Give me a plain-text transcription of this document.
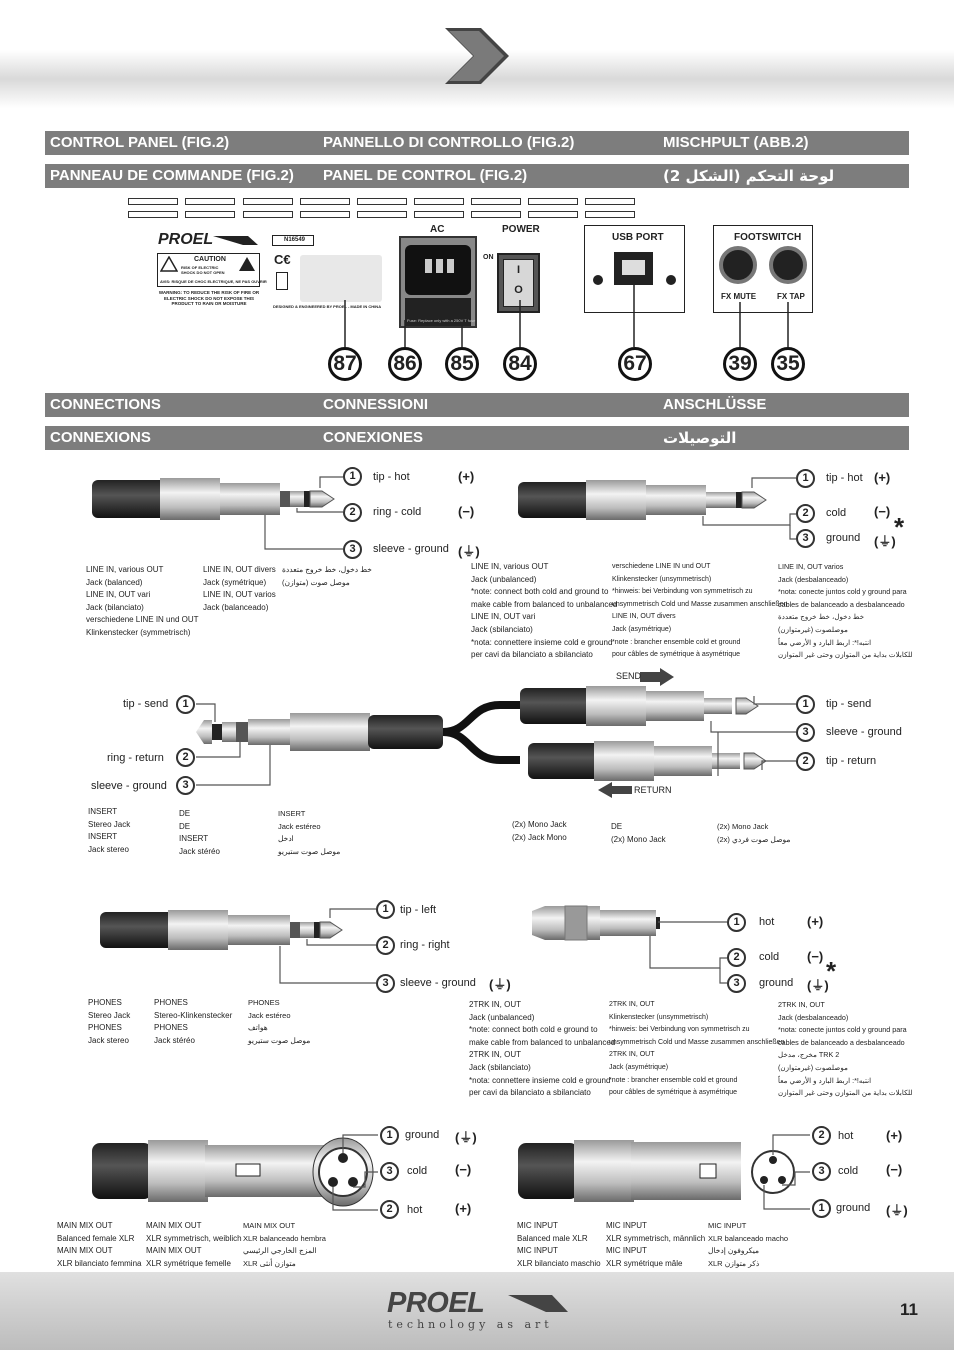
CONTROL PANEL (FIG.2)	PANNELLO DI CONTROLLO (FIG.2)	MISCHPULT (ABB.2)
PANNEAU DE COMMANDE (FIG.2) PANEL DE CONTROL (FIG.2)	لوحة التحكم (الشكل 2)
PROEL
CAUTION
RISK OF ELECTRIC SHOCK DO NOT OPEN
AVIS: RISQUE DE CHOC ELECTRIQUE, NE PAS OUVRIR
WARNING: TO REDUCE THE RISK OF FIRE OR ELECTRIC SHOCK DO NOT EXPOSE THIS PRODUCT TO RAIN OR MOISTURE
N16549
C€
DESIGNED & ENGINEERED BY PROEL - MADE IN CHINA
AC	POWER
Fuse: Replace only with a 250V T fuse
ON
I
O
USB PORT	FOOTSWITCH
FX MUTE	FX TAP
87 86 85 84	67	39 35
CONNECTIONS	CONNESSIONI	ANSCHLÜSSE
CONNEXIONS	CONEXIONES	التوصيلات
1
2
3
tip - hot
ring - cold
sleeve - ground
(+)
(−)
(⏚)
LINE IN, various OUT
Jack (balanced)
LINE IN, OUT vari
Jack (bilanciato)
verschiedene LINE IN und OUT
Klinkenstecker (symmetrisch)
LINE IN, OUT divers
Jack (symétrique)
LINE IN, OUT varios
Jack (balanceado)
خط دخول، خط خروج متعددة
(متوازن) موصل صوت
1
2
3
tip - hot
cold
ground
(+)
(−)
(⏚)
*
LINE IN, various OUT
Jack (unbalanced)
*note: connect both cold and ground to
make cable from balanced to unbalanced
LINE IN, OUT vari
Jack (sbilanciato)
*nota: connettere insieme cold e ground
per cavi da bilanciato a sbilanciato
verschiedene LINE IN und OUT
Klinkenstecker (unsymmetrisch)
*hinweis: bei Verbindung von symmetrisch zu
unsymmetrisch Cold und Masse zusammen anschließen
LINE IN, OUT divers
Jack (asymétrique)
*note : brancher ensemble cold et ground
pour câbles de symétrique à asymétrique
LINE IN, OUT varios
Jack (desbalanceado)
*nota: conecte juntos cold y ground para
cables de balanceado a desbalanceado
خط دخول، خط خروج متعددة
موصلصوت (غيرمتوازن)
انتبه!*: اربط البارد و الأرضي معاً
للكابلات بداية من المتوازن وحتى غير المتوازن
tip - send
ring - return
sleeve - ground
1
2
3
1
3
2
tip - send
sleeve - ground
tip - return
SEND
RETURN
INSERT
Stereo Jack
INSERT
Jack stereo
DE
DE
INSERT
Jack stéréo
INSERT
Jack estéreo
ادخل
موصل صوت ستيريو
(2x) Mono Jack
(2x) Jack Mono
DE
(2x) Mono Jack
(2x) Mono Jack
(2x) موصل صوت فردي
1
2
3
tip - left
ring - right
sleeve - ground (⏚)
PHONES
Stereo Jack
PHONES
Jack stereo
PHONES
Stereo-Klinkenstecker
PHONES
Jack stéréo
PHONES
Jack estéreo
هواتف
موصل صوت ستيريو
1
2
3
hot
cold
ground
(+)
(−)
(⏚)
*
2TRK IN, OUT
Jack (unbalanced)
*note: connect both cold e ground to
make cable from balanced to unbalanced
2TRK IN, OUT
Jack (sbilanciato)
*nota: connettere insieme cold e ground
per cavi da bilanciato a sbilanciato
2TRK IN, OUT
Klinkenstecker (unsymmetrisch)
*hinweis: bei Verbindung von symmetrisch zu
unsymmetrisch Cold und Masse zusammen anschließen
2TRK IN, OUT
Jack (asymétrique)
*note : brancher ensemble cold et ground
pour câbles de symétrique à asymétrique
2TRK IN, OUT
Jack (desbalanceado)
*nota: conecte juntos cold y ground para
cables de balanceado a desbalanceado
مخرج، مدخل TRK 2
موصلصوت (غيرمتوازن)
انتبه!*: اربط البارد و الأرضي معاً
للكابلات بداية من المتوازن وحتى غير المتوازن
1
3
2
ground
cold
hot
(⏚)
(−)
(+)
MAIN MIX OUT
Balanced female XLR
MAIN MIX OUT
XLR bilanciato femmina
MAIN MIX OUT
XLR symmetrisch, weiblich
MAIN MIX OUT
XLR symétrique femelle
MAIN MIX OUT
XLR balanceado hembra
المزج الخارجي الرئيسي
XLR متوازن أنثى
2
3
1
hot
cold
ground
(+)
(−)
(⏚)
MIC INPUT
Balanced male XLR
MIC INPUT
XLR bilanciato maschio
MIC INPUT
XLR symmetrisch, männlich
MIC INPUT
XLR symétrique mâle
MIC INPUT
XLR balanceado macho
ميكروفون إدخال
XLR ذكر متوازن
PROEL
technology as art
11
